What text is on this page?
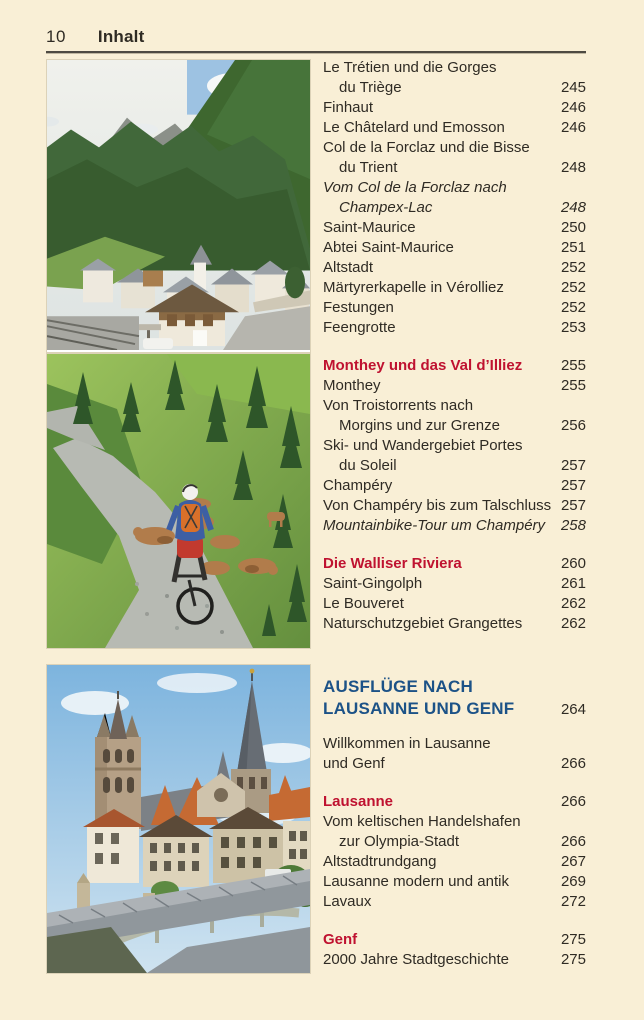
10 Inhalt
Le Trétien und die Gorges
du Triège	245
Finhaut	246
Le Châtelard und Emosson	246
Col de la Forclaz und die Bisse
du Trient	248
Vom Col de la Forclaz nach
Champex-Lac	248
Saint-Maurice	250
Abtei Saint-Maurice	251
Altstadt	252
Märtyrerkapelle in Vérolliez	252
Festungen	252
Feengrotte	253
Monthey und das Val d’Illiez	255
Monthey	255
Von Troistorrents nach
Morgins und zur Grenze	256
Ski- und Wandergebiet Portes
du Soleil	257
Champéry	257
Von Champéry bis zum Talschluss 257
Mountainbike-Tour um Champéry	258
Die Walliser Riviera	260
Saint-Gingolph	261
Le Bouveret	262
Naturschutzgebiet Grangettes	262
AUSFLÜGE NACH
LAUSANNE UND GENF	264
Willkommen in Lausanne
und Genf	266
Lausanne	266
Vom keltischen Handelshafen
zur Olympia-Stadt	266
Altstadtrundgang	267
Lausanne modern und antik	269
Lavaux	272
Genf	275
2000 Jahre Stadtgeschichte	275
